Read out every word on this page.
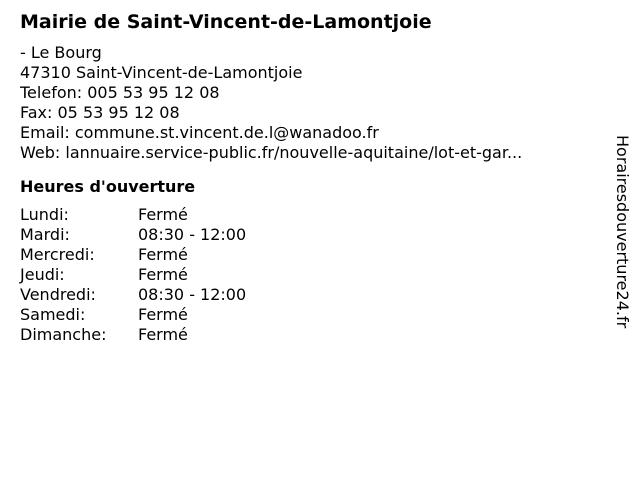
Mairie de Saint-Vincent-de-Lamontjoie
- Le Bourg
47310 Saint-Vincent-de-Lamontjoie
Telefon: 005 53 95 12 08
Fax: 05 53 95 12 08
Email: commune.st.vincent.de.l@wanadoo.fr
Web: lannuaire.service-public.fr/nouvelle-aquitaine/lot-et-gar...
Heures d'ouverture
Lundi:	Fermé
Mardi:	08:30 - 12:00
Mercredi:	Fermé
Jeudi:	Fermé
Vendredi:	08:30 - 12:00
Samedi:	Fermé
Dimanche:	Fermé
Horairesdouverture24.fr
